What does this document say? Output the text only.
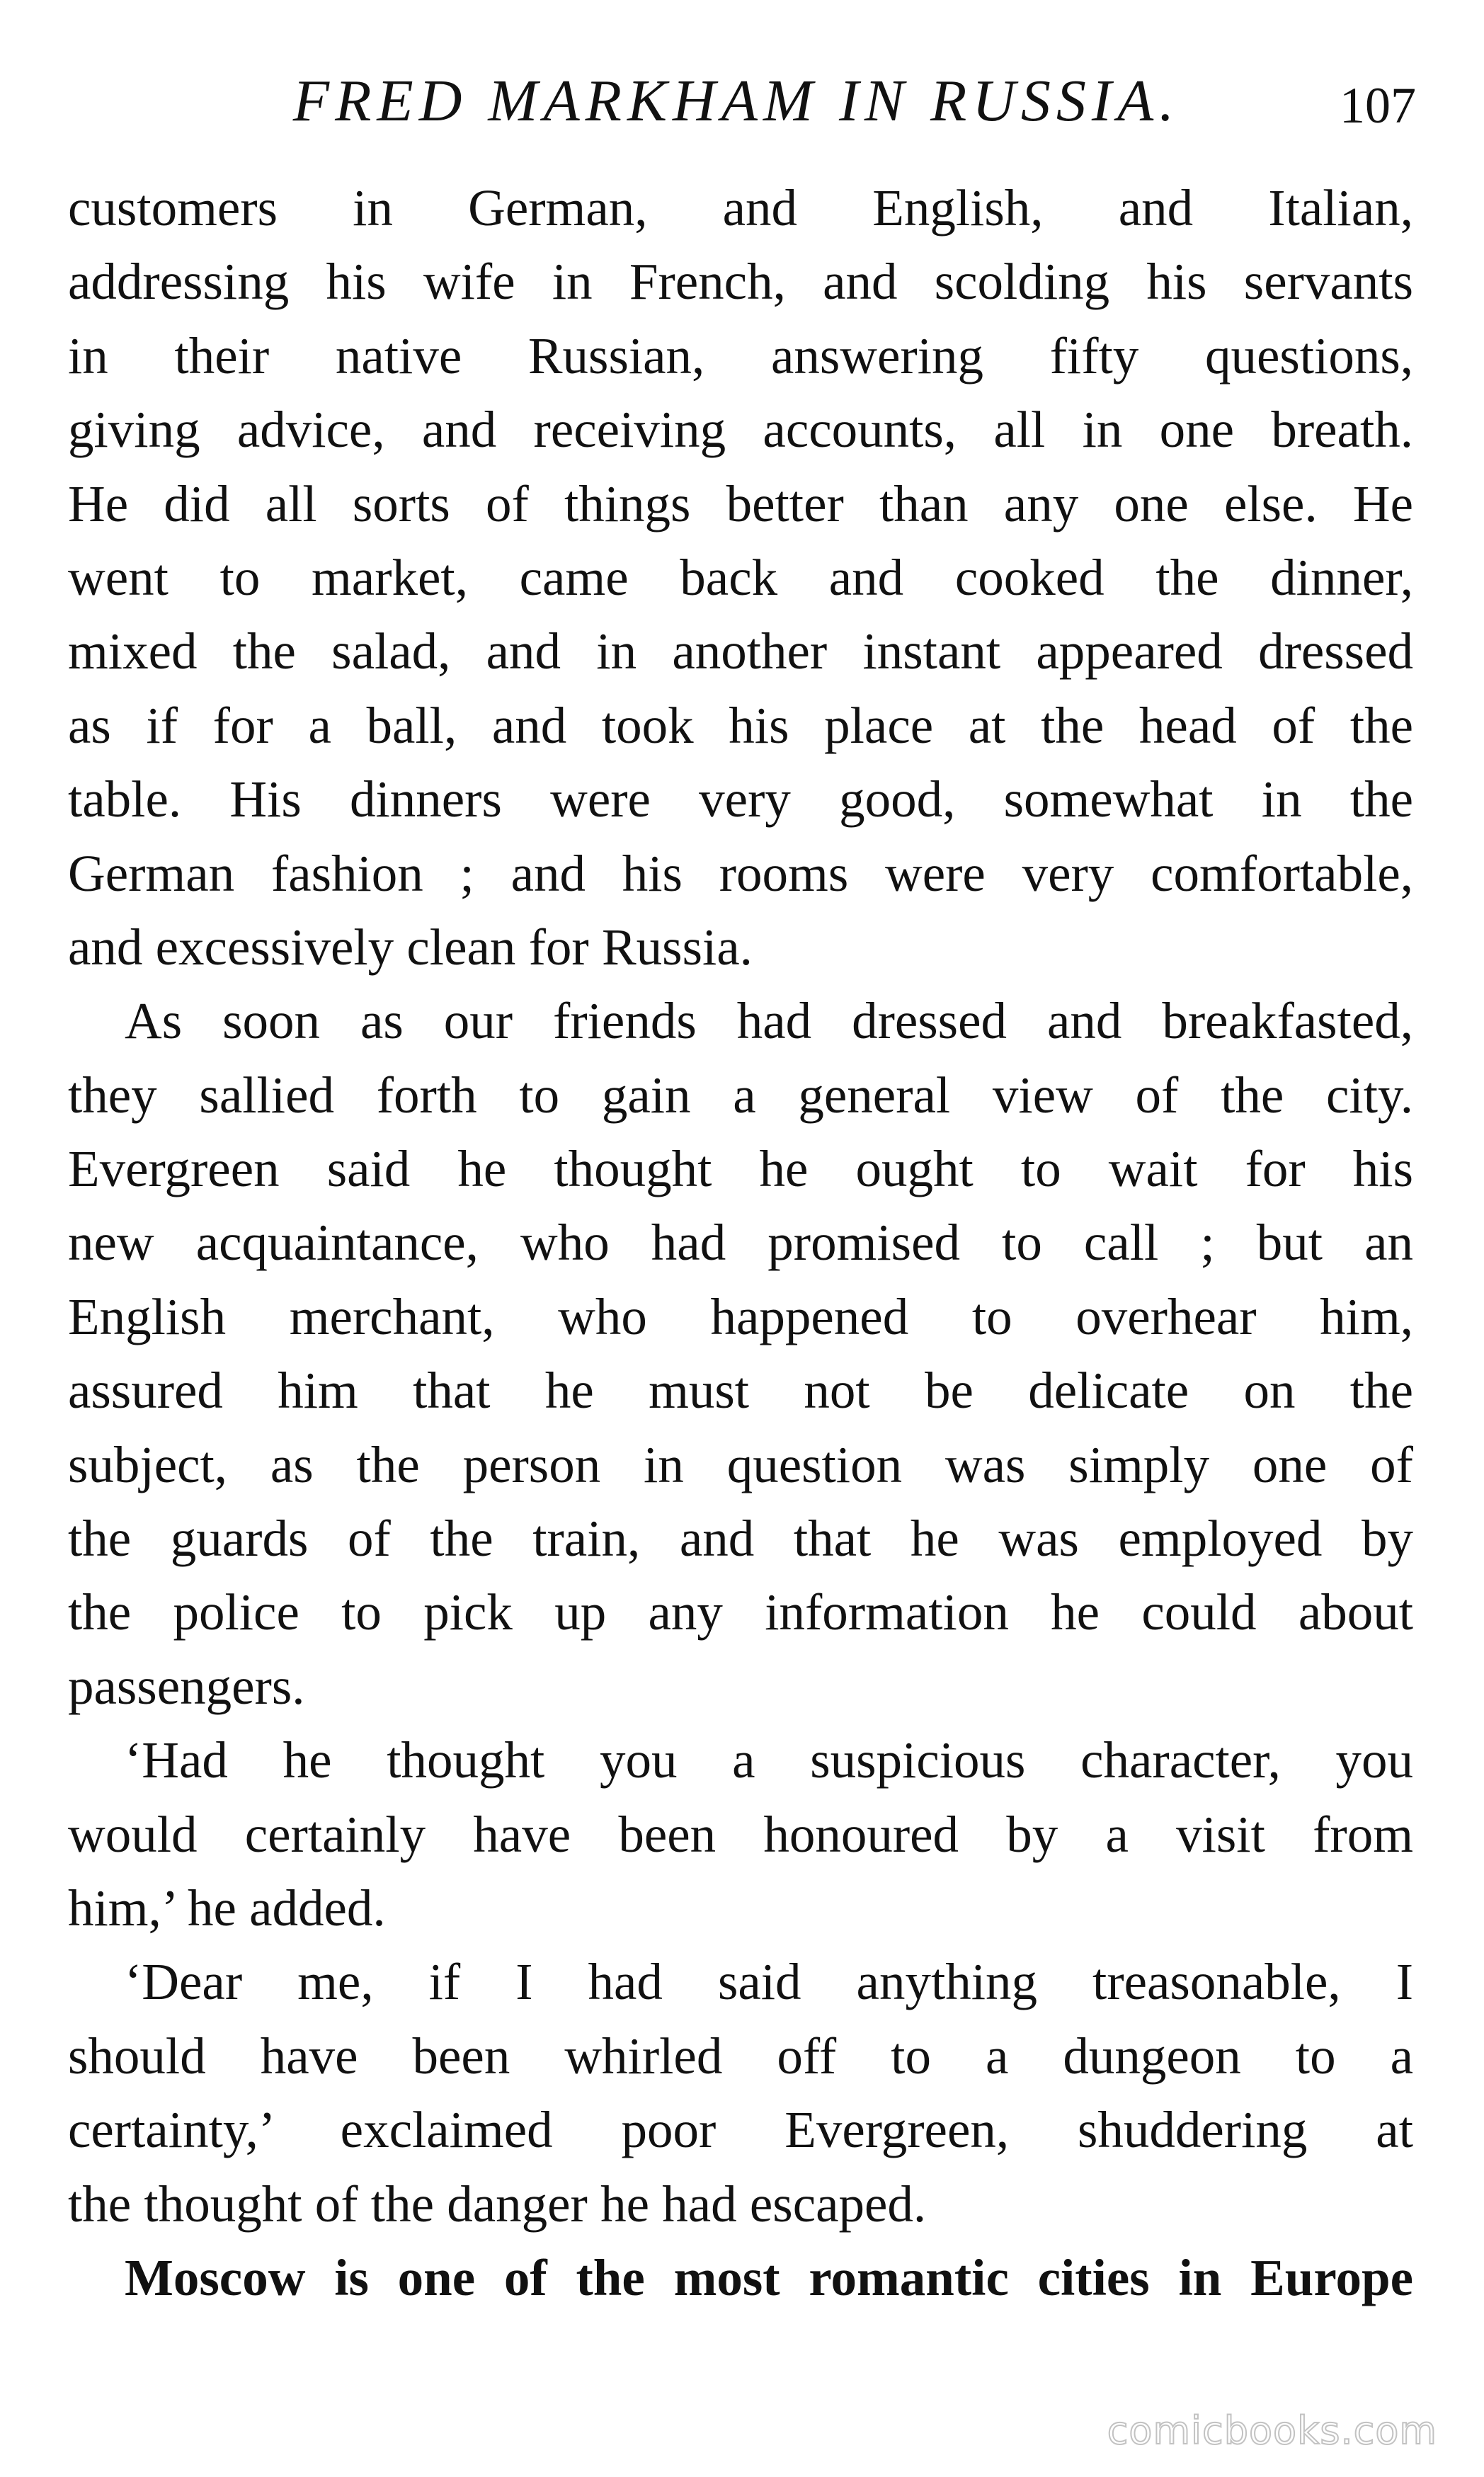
FRED MARKHAM IN RUSSIA.	107
customers in German, and English, and Italian,
addressing his wife in French, and scolding his servants
in their native Russian, answering fifty questions,
giving advice, and receiving accounts, all in one breath.
He did all sorts of things better than any one else. He
went to market, came back and cooked the dinner,
mixed the salad, and in another instant appeared dressed
as if for a ball, and took his place at the head of the
table. His dinners were very good, somewhat in the
German fashion ; and his rooms were very comfortable,
and excessively clean for Russia.
As soon as our friends had dressed and breakfasted,
they sallied forth to gain a general view of the city.
Evergreen said he thought he ought to wait for his
new acquaintance, who had promised to call ; but an
English merchant, who happened to overhear him,
assured him that he must not be delicate on the
subject, as the person in question was simply one of
the guards of the train, and that he was employed by
the police to pick up any information he could about
passengers.
‘Had he thought you a suspicious character, you
would certainly have been honoured by a visit from
him,’ he added.
‘Dear me, if I had said anything treasonable, I
should have been whirled off to a dungeon to a
certainty,’ exclaimed poor Evergreen, shuddering at
the thought of the danger he had escaped.
Moscow is one of the most romantic cities in Europe
comicbooks.com
